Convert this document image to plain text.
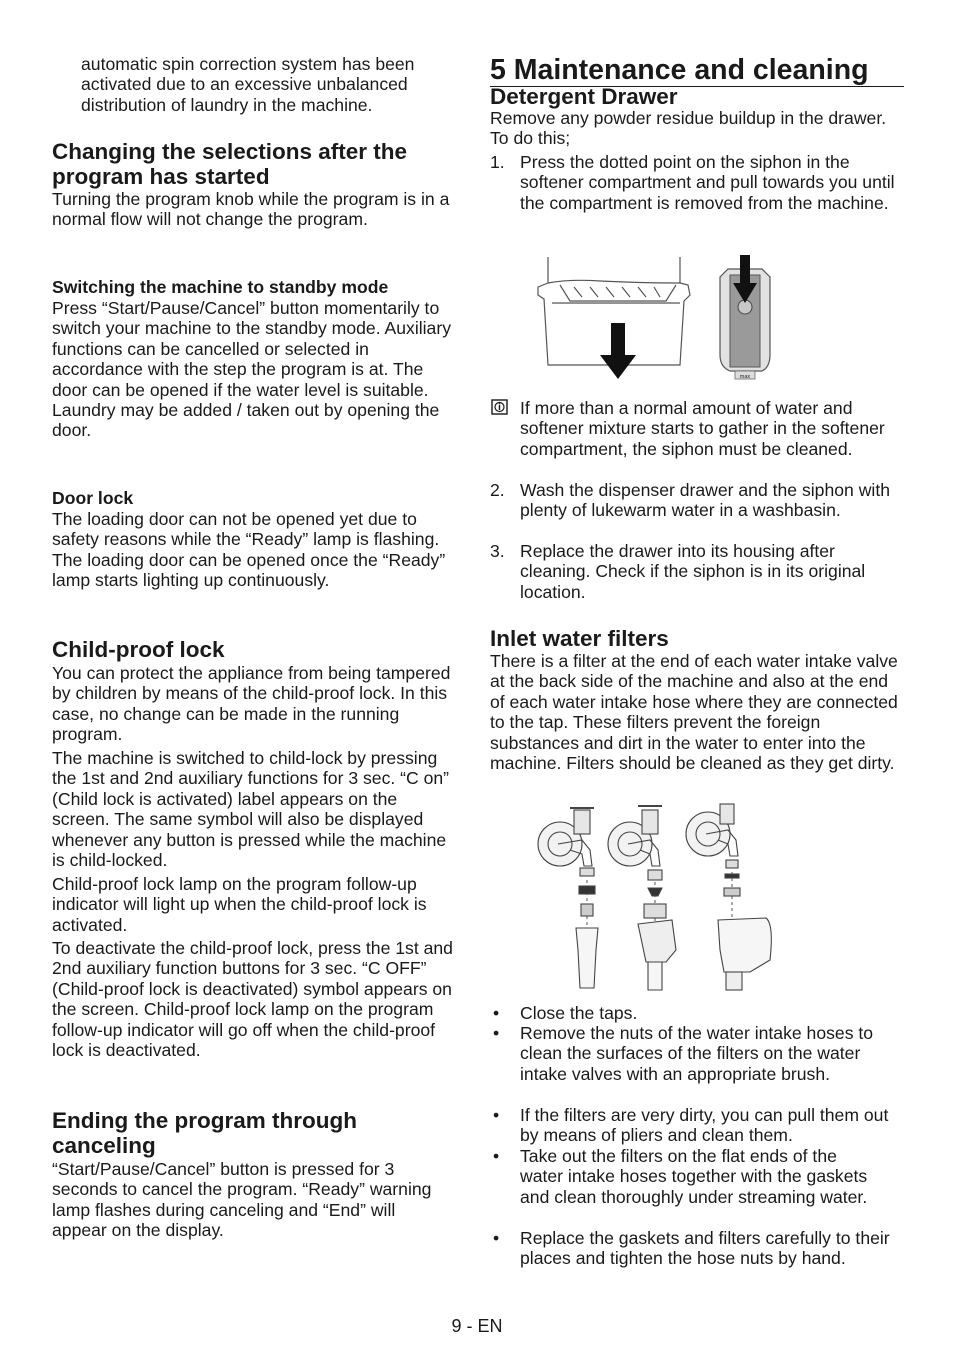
automatic spin correction system has been activated due to an excessive unbalanced distribution of laundry in the machine.

Changing the selections after the program has started

Turning the program knob while the program is in a normal flow will not change the program.

Switching the machine to standby mode

Press “Start/Pause/Cancel” button momentarily to switch your machine to the standby mode. Auxiliary functions can be cancelled or selected in accordance with the step the program is at. The door can be opened if the water level is suitable. Laundry may be added / taken out by opening the door.

Door lock

The loading door can not be opened yet due to safety reasons while the “Ready” lamp is flashing. The loading door can be opened once the “Ready” lamp starts lighting up continuously.

Child-proof lock

You can protect the appliance from being tampered by children by means of the child-proof lock. In this case, no change can be made in the running program.

The machine is switched to child-lock by pressing the 1st and 2nd auxiliary functions for 3 sec. “C on” (Child lock is activated) label appears on the screen. The same symbol will also be displayed whenever any button is pressed while the machine is child-locked.

Child-proof lock lamp on the program follow-up indicator will light up when the child-proof lock is activated.

To deactivate the child-proof lock, press the 1st and 2nd auxiliary function buttons for 3 sec. “C OFF” (Child-proof lock is deactivated) symbol appears on the screen. Child-proof lock lamp on the program follow-up indicator will go off when the child-proof lock is deactivated.

Ending the program through canceling

“Start/Pause/Cancel” button is pressed for 3 seconds to cancel the program. “Ready” warning lamp flashes during canceling and “End” will appear on the display.

5 Maintenance and cleaning
Detergent Drawer

Remove any powder residue buildup in the drawer. To do this;

1. Press the dotted point on the siphon in the softener compartment and pull towards you until the compartment is removed from the machine.

max

If more than a normal amount of water and softener mixture starts to gather in the softener compartment, the siphon must be cleaned.

2. Wash the dispenser drawer and the siphon with plenty of lukewarm water in a washbasin.

3. Replace the drawer into its housing after cleaning. Check if the siphon is in its original location.

Inlet water filters

There is a filter at the end of each water intake valve at the back side of the machine and also at the end of each water intake hose where they are connected to the tap. These filters prevent the foreign substances and dirt in the water to enter into the machine. Filters should be cleaned as they get dirty.

• Close the taps.

• Remove the nuts of the water intake hoses to clean the surfaces of the filters on the water intake valves with an appropriate brush.

• If the filters are very dirty, you can pull them out by means of pliers and clean them.

• Take out the filters on the flat ends of the water intake hoses together with the gaskets and clean thoroughly under streaming water.

• Replace the gaskets and filters carefully to their places and tighten the hose nuts by hand.

9 - EN
